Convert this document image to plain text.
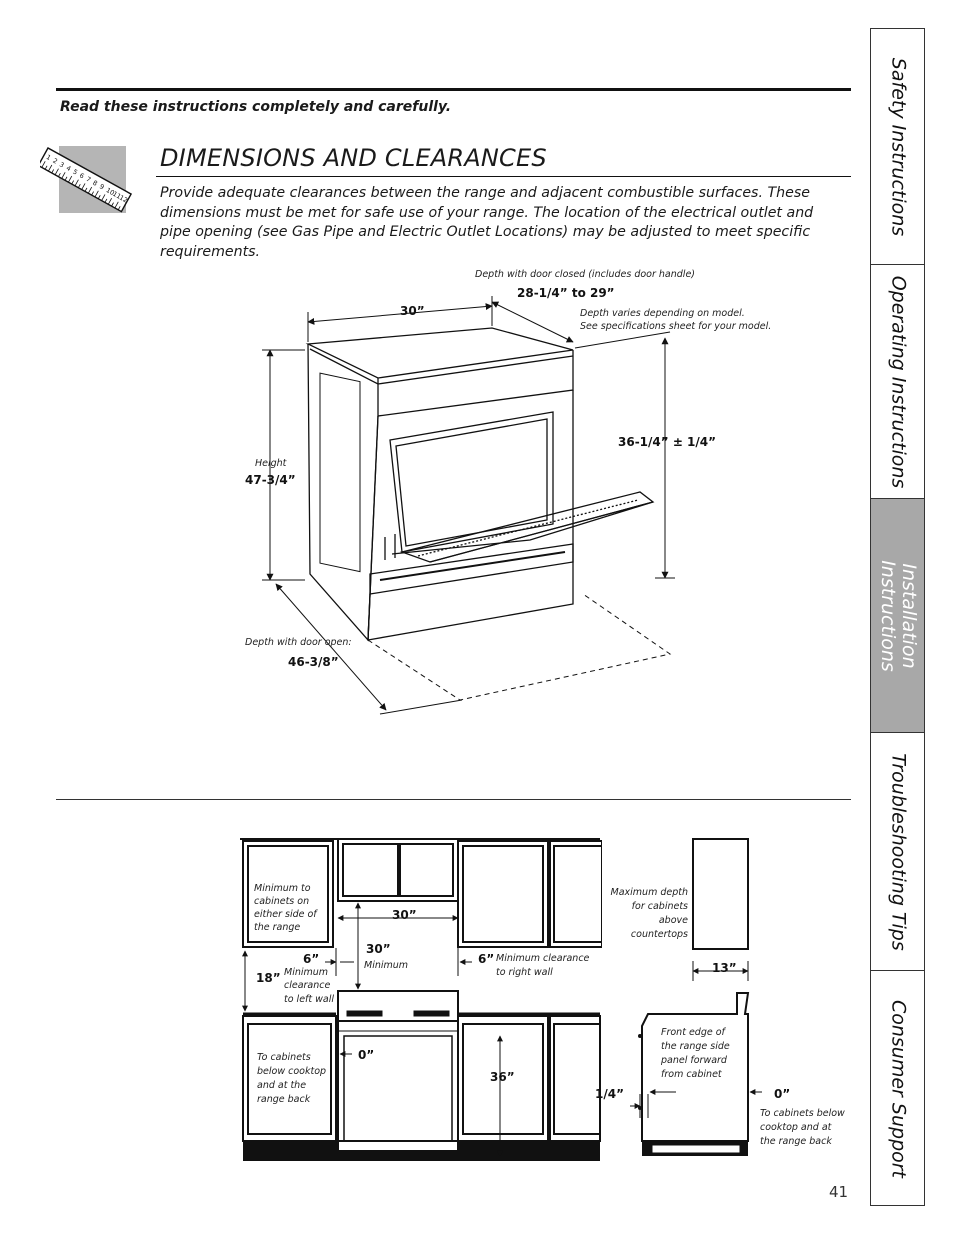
Read these instructions completely and carefully.
1 2 3 4 5 6 7 8 9 10
11
12
DIMENSIONS AND CLEARANCES
Provide adequate clearances between the range and adjacent combustible surfaces. These dimensions must be met for safe use of your range. The location of the electrical outlet and pipe opening (see Gas Pipe and Electric Outlet Locations) may be adjusted to meet specific requirements.
Depth with door closed (includes door handle)
28-1/4” to 29”
30”	Depth varies depending on model.
See specifications sheet for your model.
36-1/4” ± 1/4”
Height
47-3/4”
Depth with door open:
46-3/8”
Minimum to
cabinets on
either side of
the range
30”
30”
Minimum
6”
Minimum
clearance
to left wall
6” Minimum clearance
to right wall
18”
To cabinets
below cooktop
and at the
range back
0”
36”
Maximum depth
for cabinets
above
countertops
13”
Front edge of
the range side
panel forward
from cabinet
1/4”	0”
To cabinets below
cooktop and at
the range back
41
Safety Instructions
Operating Instructions
Installation Instructions
Troubleshooting Tips
Consumer Support
